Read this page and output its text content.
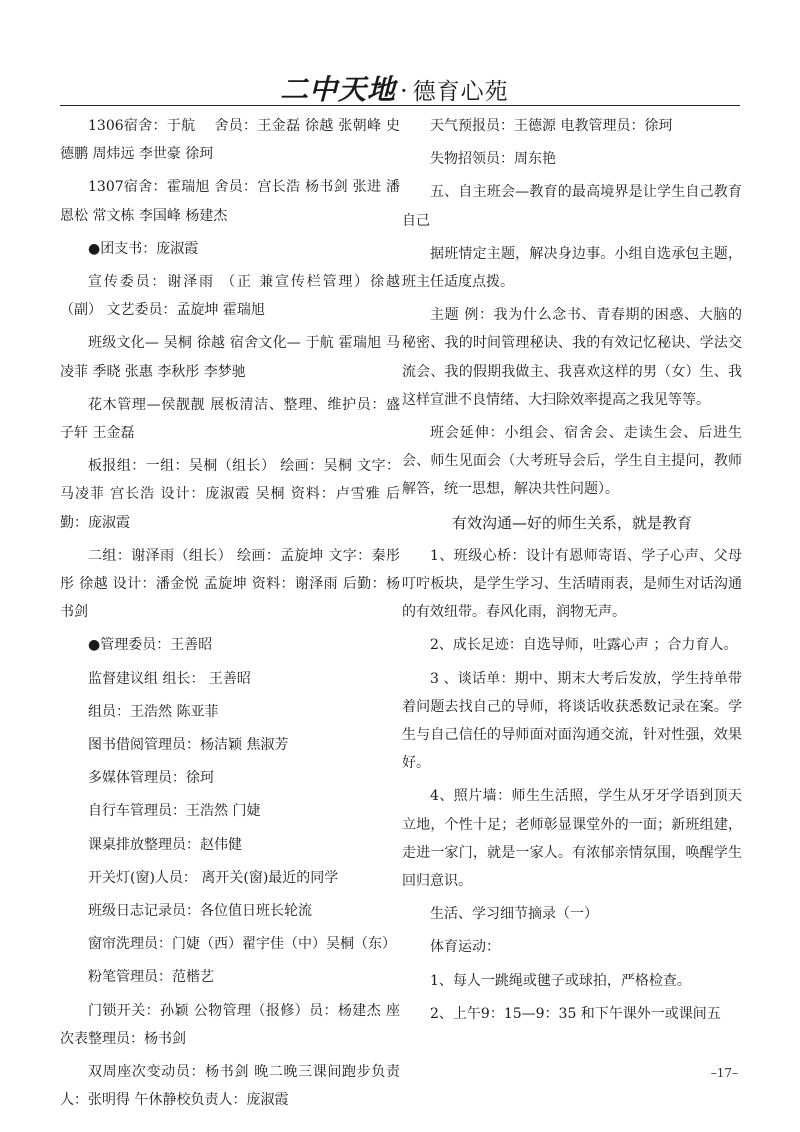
二中天地 · 德育心苑

1306宿舍：于航　 舍员：王金磊 徐越 张朝峰 史德鹏 周炜远 李世豪 徐珂

1307宿舍：霍瑞旭 舍员：宫长浩 杨书剑 张进 潘恩松 常文栋 李国峰 杨建杰

●团支书：庞淑霞

宣传委员：谢泽雨 （正 兼宣传栏管理）徐越（副） 文艺委员：孟旋坤 霍瑞旭

班级文化— 吴桐 徐越 宿舍文化— 于航 霍瑞旭 马凌菲 季晓 张惠 李秋彤 李梦驰

花木管理—侯靓靓 展板清洁、整理、维护员：盛子轩 王金磊

板报组：一组：吴桐（组长） 绘画：吴桐 文字：马凌菲 宫长浩 设计：庞淑霞 吴桐 资料：卢雪雅 后勤：庞淑霞

二组：谢泽雨（组长） 绘画：孟旋坤 文字：秦彤彤 徐越 设计：潘金悦 孟旋坤 资料：谢泽雨 后勤：杨书剑

●管理委员：王善昭

监督建议组 组长： 王善昭

组员：王浩然 陈亚菲

图书借阅管理员：杨洁颖 焦淑芳

多媒体管理员：徐珂

自行车管理员：王浩然 门婕

课桌排放整理员：赵伟健

开关灯(窗)人员： 离开关(窗)最近的同学

班级日志记录员：各位值日班长轮流

窗帘洗理员：门婕（西）翟宇佳（中）吴桐（东）

粉笔管理员：范楷艺

门锁开关：孙颖 公物管理（报修）员：杨建杰 座次表整理员：杨书剑

双周座次变动员：杨书剑 晚二晚三课间跑步负责人：张明得 午休静校负责人：庞淑霞

天气预报员：王德源 电教管理员：徐珂

失物招领员：周东艳

五、自主班会—教育的最高境界是让学生自己教育自己

据班情定主题，解决身边事。小组自选承包主题，班主任适度点拨。

主题 例：我为什么念书、青春期的困惑、大脑的秘密、我的时间管理秘诀、我的有效记忆秘诀、学法交流会、我的假期我做主、我喜欢这样的男（女）生、我这样宣泄不良情绪、大扫除效率提高之我见等等。

班会延伸：小组会、宿舍会、走读生会、后进生会、师生见面会（大考班导会后，学生自主提问，教师解答，统一思想，解决共性问题）。

有效沟通—好的师生关系，就是教育

1、班级心桥：设计有恩师寄语、学子心声、父母叮咛板块，是学生学习、生活晴雨表，是师生对话沟通的有效纽带。春风化雨，润物无声。

2、成长足迹：自选导师，吐露心声 ；合力育人。

3 、谈话单：期中、期末大考后发放，学生持单带着问题去找自己的导师，将谈话收获悉数记录在案。学生与自己信任的导师面对面沟通交流，针对性强，效果好。

4、照片墙：师生生活照，学生从牙牙学语到顶天立地，个性十足；老师彰显课堂外的一面；新班组建，走进一家门，就是一家人。有浓郁亲情氛围，唤醒学生回归意识。

生活、学习细节摘录（一）

体育运动：

1、每人一跳绳或毽子或球拍，严格检查。

2、上午9：15—9：35 和下午课外一或课间五

–17–
